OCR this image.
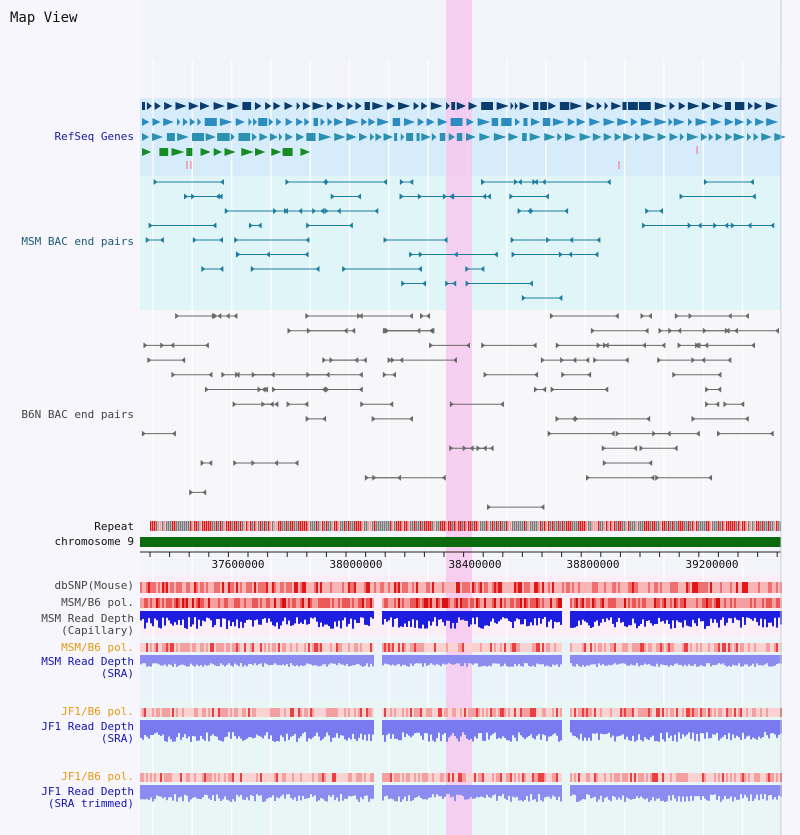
Map View
37600000	38000000	38400000	38800000	39200000
RefSeq Genes
MSM BAC end pairs
B6N BAC end pairs
Repeat
chromosome 9
dbSNP(Mouse)
MSM/B6 pol.
MSM Read Depth
(Capillary)
MSM/B6 pol.
MSM Read Depth
(SRA)
JF1/B6 pol.
JF1 Read Depth
(SRA)
JF1/B6 pol.
JF1 Read Depth
(SRA trimmed)
